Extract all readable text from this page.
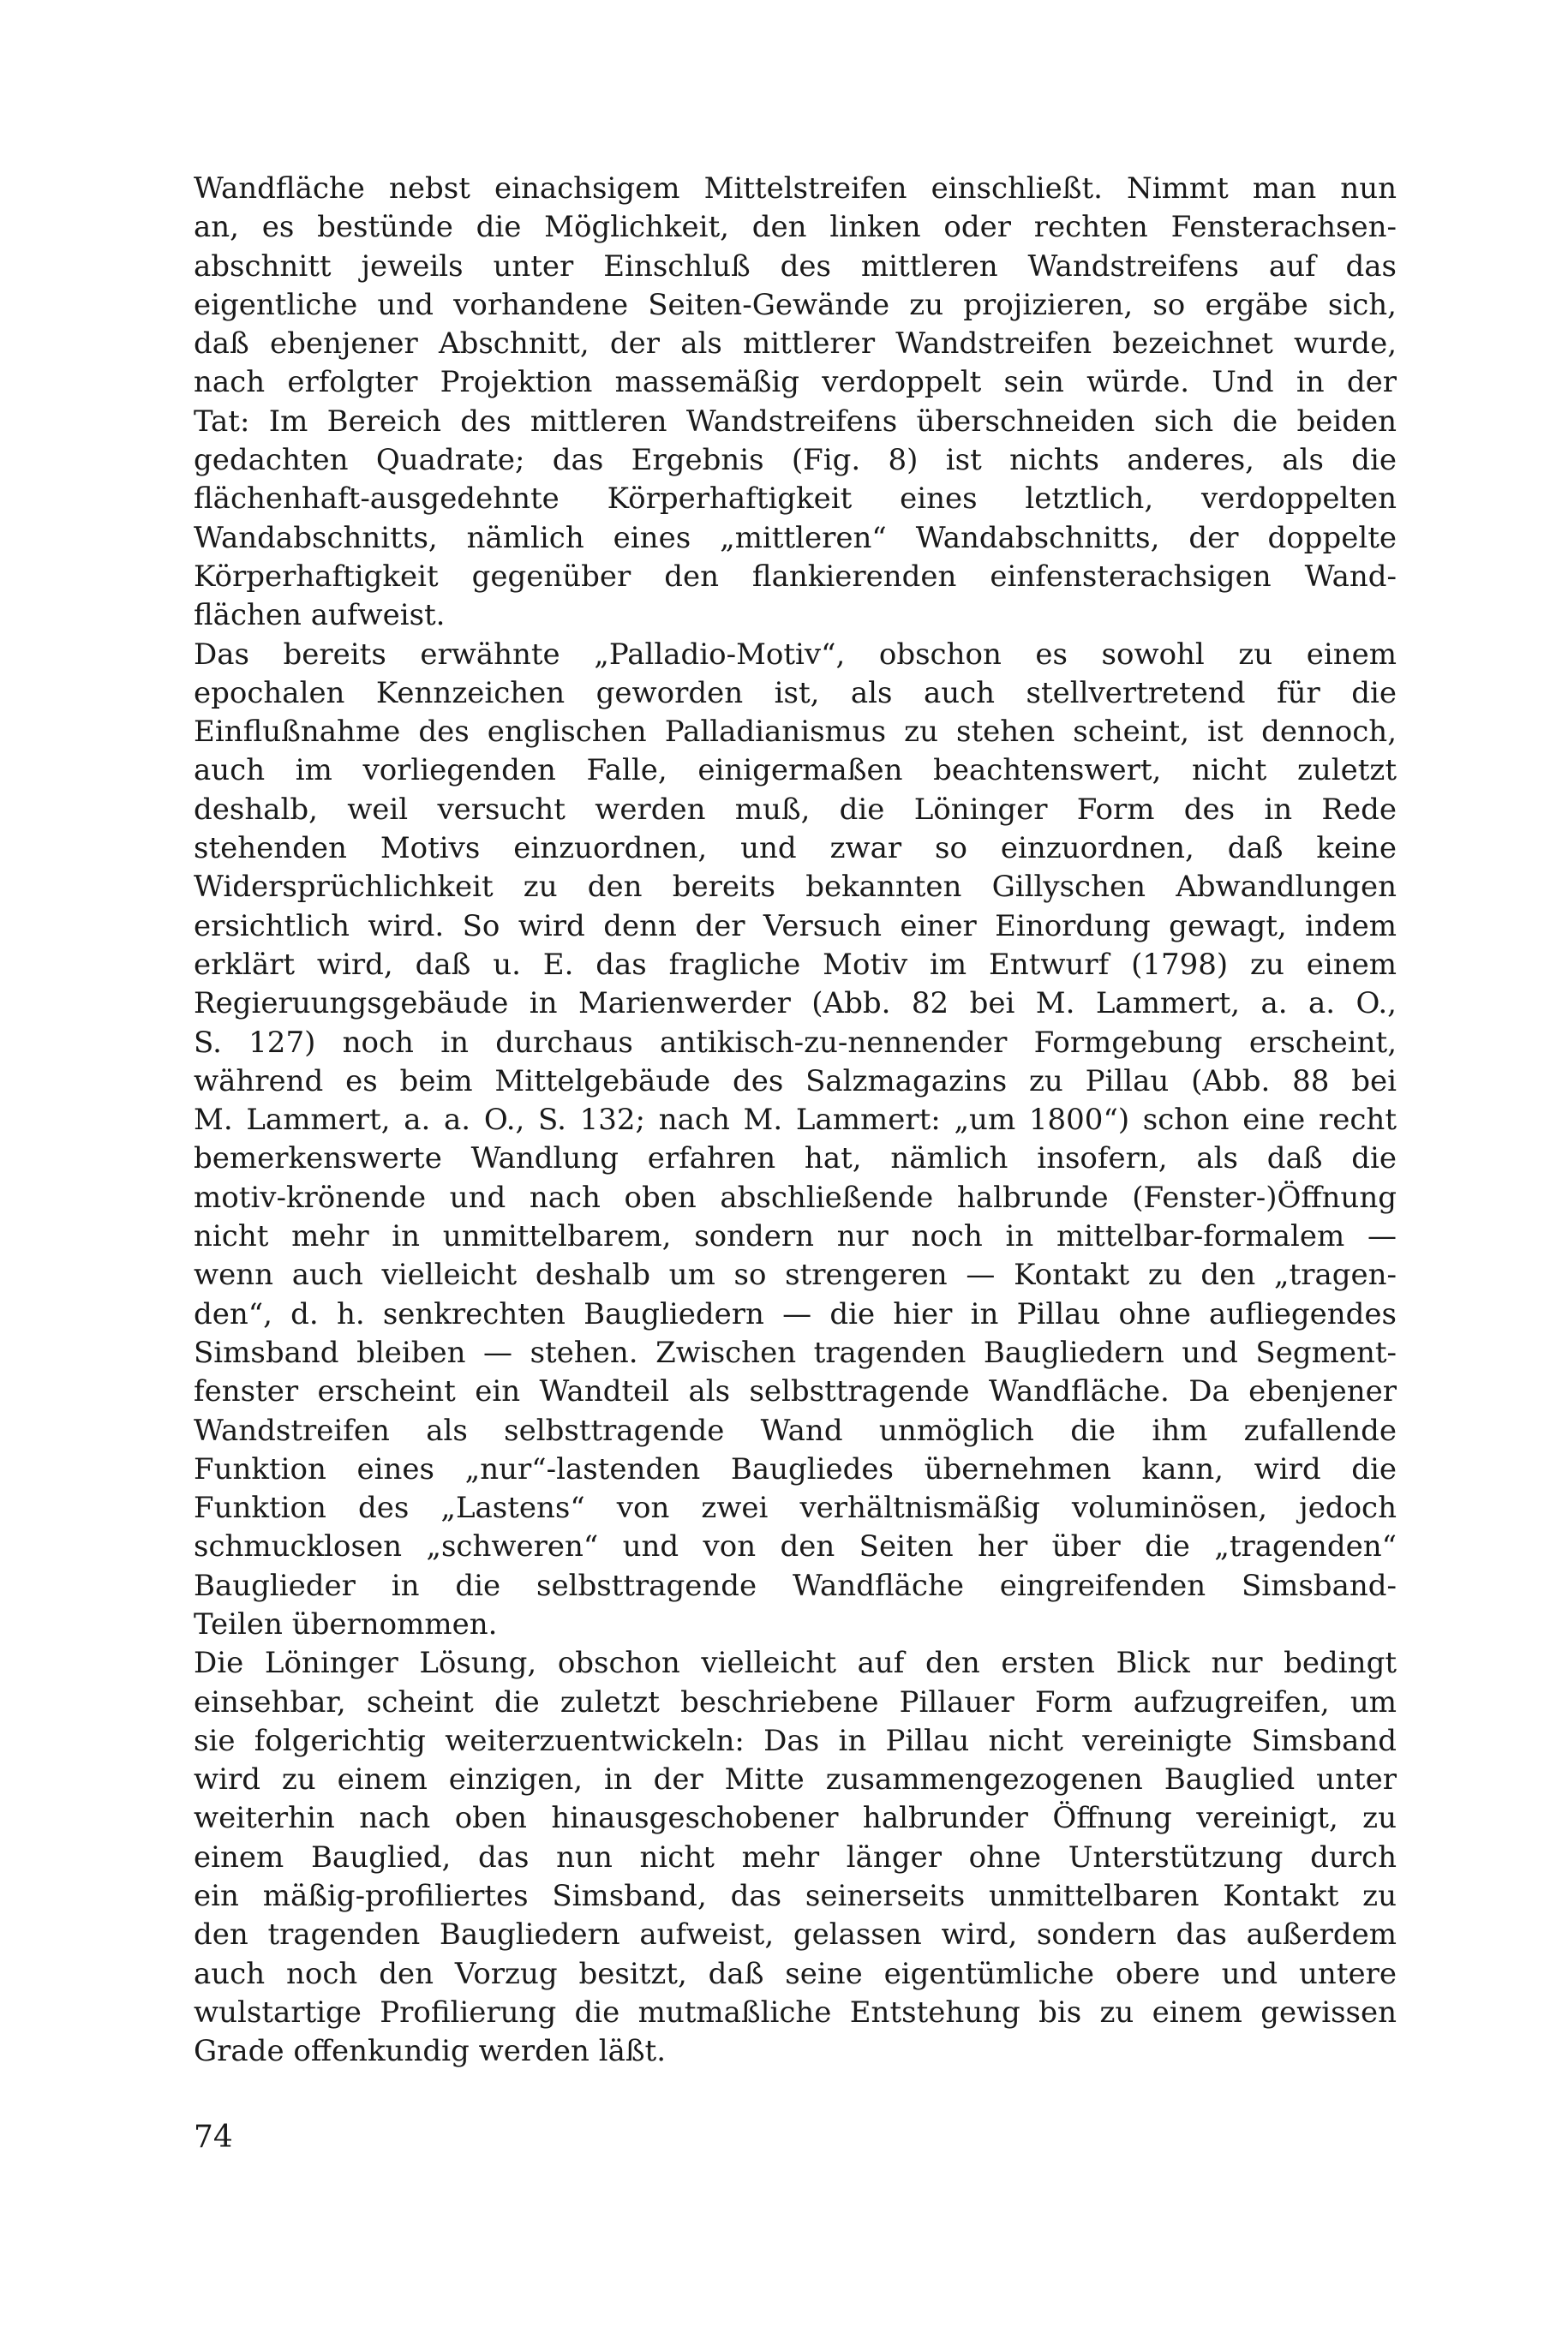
Wandfläche nebst einachsigem Mittelstreifen einschließt. Nimmt man nun
an, es bestünde die Möglichkeit, den linken oder rechten Fensterachsen-
abschnitt jeweils unter Einschluß des mittleren Wandstreifens auf das
eigentliche und vorhandene Seiten-Gewände zu projizieren, so ergäbe sich,
daß ebenjener Abschnitt, der als mittlerer Wandstreifen bezeichnet wurde,
nach erfolgter Projektion massemäßig verdoppelt sein würde. Und in der
Tat: Im Bereich des mittleren Wandstreifens überschneiden sich die beiden
gedachten Quadrate; das Ergebnis (Fig. 8) ist nichts anderes, als die
flächenhaft-ausgedehnte Körperhaftigkeit eines letztlich, verdoppelten
Wandabschnitts, nämlich eines „mittleren“ Wandabschnitts, der doppelte
Körperhaftigkeit gegenüber den flankierenden einfensterachsigen Wand-
flächen aufweist.
Das bereits erwähnte „Palladio-Motiv“, obschon es sowohl zu einem
epochalen Kennzeichen geworden ist, als auch stellvertretend für die
Einflußnahme des englischen Palladianismus zu stehen scheint, ist dennoch,
auch im vorliegenden Falle, einigermaßen beachtenswert, nicht zuletzt
deshalb, weil versucht werden muß, die Löninger Form des in Rede
stehenden Motivs einzuordnen, und zwar so einzuordnen, daß keine
Widersprüchlichkeit zu den bereits bekannten Gillyschen Abwandlungen
ersichtlich wird. So wird denn der Versuch einer Einordung gewagt, indem
erklärt wird, daß u. E. das fragliche Motiv im Entwurf (1798) zu einem
Regieruungsgebäude in Marienwerder (Abb. 82 bei M. Lammert, a. a. O.,
S. 127) noch in durchaus antikisch-zu-nennender Formgebung erscheint,
während es beim Mittelgebäude des Salzmagazins zu Pillau (Abb. 88 bei
M. Lammert, a. a. O., S. 132; nach M. Lammert: „um 1800“) schon eine recht
bemerkenswerte Wandlung erfahren hat, nämlich insofern, als daß die
motiv-krönende und nach oben abschließende halbrunde (Fenster-)Öffnung
nicht mehr in unmittelbarem, sondern nur noch in mittelbar-formalem —
wenn auch vielleicht deshalb um so strengeren — Kontakt zu den „tragen-
den“, d. h. senkrechten Baugliedern — die hier in Pillau ohne aufliegendes
Simsband bleiben — stehen. Zwischen tragenden Baugliedern und Segment-
fenster erscheint ein Wandteil als selbsttragende Wandfläche. Da ebenjener
Wandstreifen als selbsttragende Wand unmöglich die ihm zufallende
Funktion eines „nur“-lastenden Baugliedes übernehmen kann, wird die
Funktion des „Lastens“ von zwei verhältnismäßig voluminösen, jedoch
schmucklosen „schweren“ und von den Seiten her über die „tragenden“
Bauglieder in die selbsttragende Wandfläche eingreifenden Simsband-
Teilen übernommen.
Die Löninger Lösung, obschon vielleicht auf den ersten Blick nur bedingt
einsehbar, scheint die zuletzt beschriebene Pillauer Form aufzugreifen, um
sie folgerichtig weiterzuentwickeln: Das in Pillau nicht vereinigte Simsband
wird zu einem einzigen, in der Mitte zusammengezogenen Bauglied unter
weiterhin nach oben hinausgeschobener halbrunder Öffnung vereinigt, zu
einem Bauglied, das nun nicht mehr länger ohne Unterstützung durch
ein mäßig-profiliertes Simsband, das seinerseits unmittelbaren Kontakt zu
den tragenden Baugliedern aufweist, gelassen wird, sondern das außerdem
auch noch den Vorzug besitzt, daß seine eigentümliche obere und untere
wulstartige Profilierung die mutmaßliche Entstehung bis zu einem gewissen
Grade offenkundig werden läßt.
74
